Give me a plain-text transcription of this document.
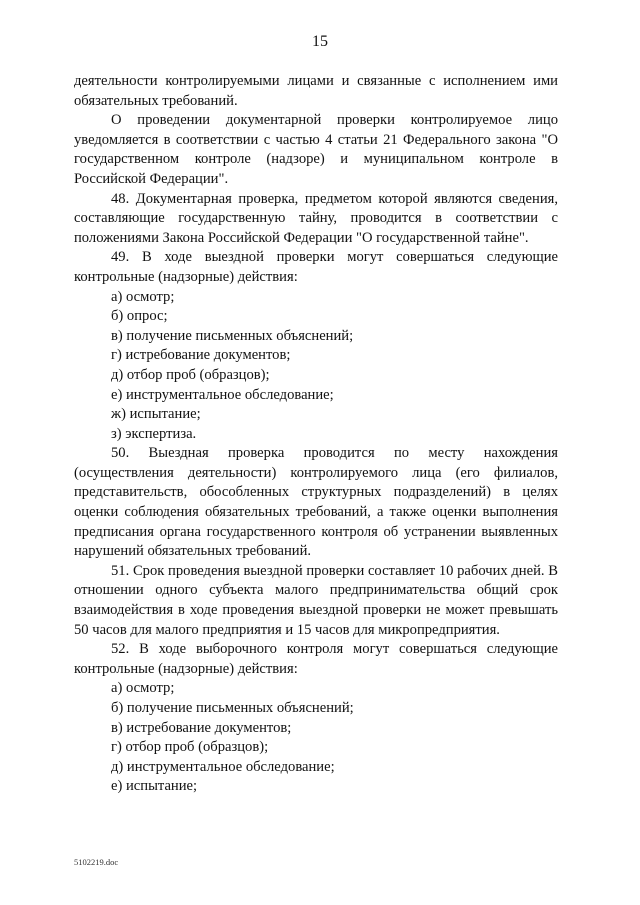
15

деятельности контролируемыми лицами и связанные с исполнением ими обязательных требований.

О проведении документарной проверки контролируемое лицо уведомляется в соответствии с частью 4 статьи 21 Федерального закона "О государственном контроле (надзоре) и муниципальном контроле в Российской Федерации".

48. Документарная проверка, предметом которой являются сведения, составляющие государственную тайну, проводится в соответствии с положениями Закона Российской Федерации "О государственной тайне".

49. В ходе выездной проверки могут совершаться следующие контрольные (надзорные) действия:

а) осмотр;

б) опрос;

в) получение письменных объяснений;

г) истребование документов;

д) отбор проб (образцов);

е) инструментальное обследование;

ж) испытание;

з) экспертиза.

50. Выездная проверка проводится по месту нахождения (осуществления деятельности) контролируемого лица (его филиалов, представительств, обособленных структурных подразделений) в целях оценки соблюдения обязательных требований, а также оценки выполнения предписания органа государственного контроля об устранении выявленных нарушений обязательных требований.

51. Срок проведения выездной проверки составляет 10 рабочих дней. В отношении одного субъекта малого предпринимательства общий срок взаимодействия в ходе проведения выездной проверки не может превышать 50 часов для малого предприятия и 15 часов для микропредприятия.

52. В ходе выборочного контроля могут совершаться следующие контрольные (надзорные) действия:

а) осмотр;

б) получение письменных объяснений;

в) истребование документов;

г) отбор проб (образцов);

д) инструментальное обследование;

е) испытание;

5102219.doc
